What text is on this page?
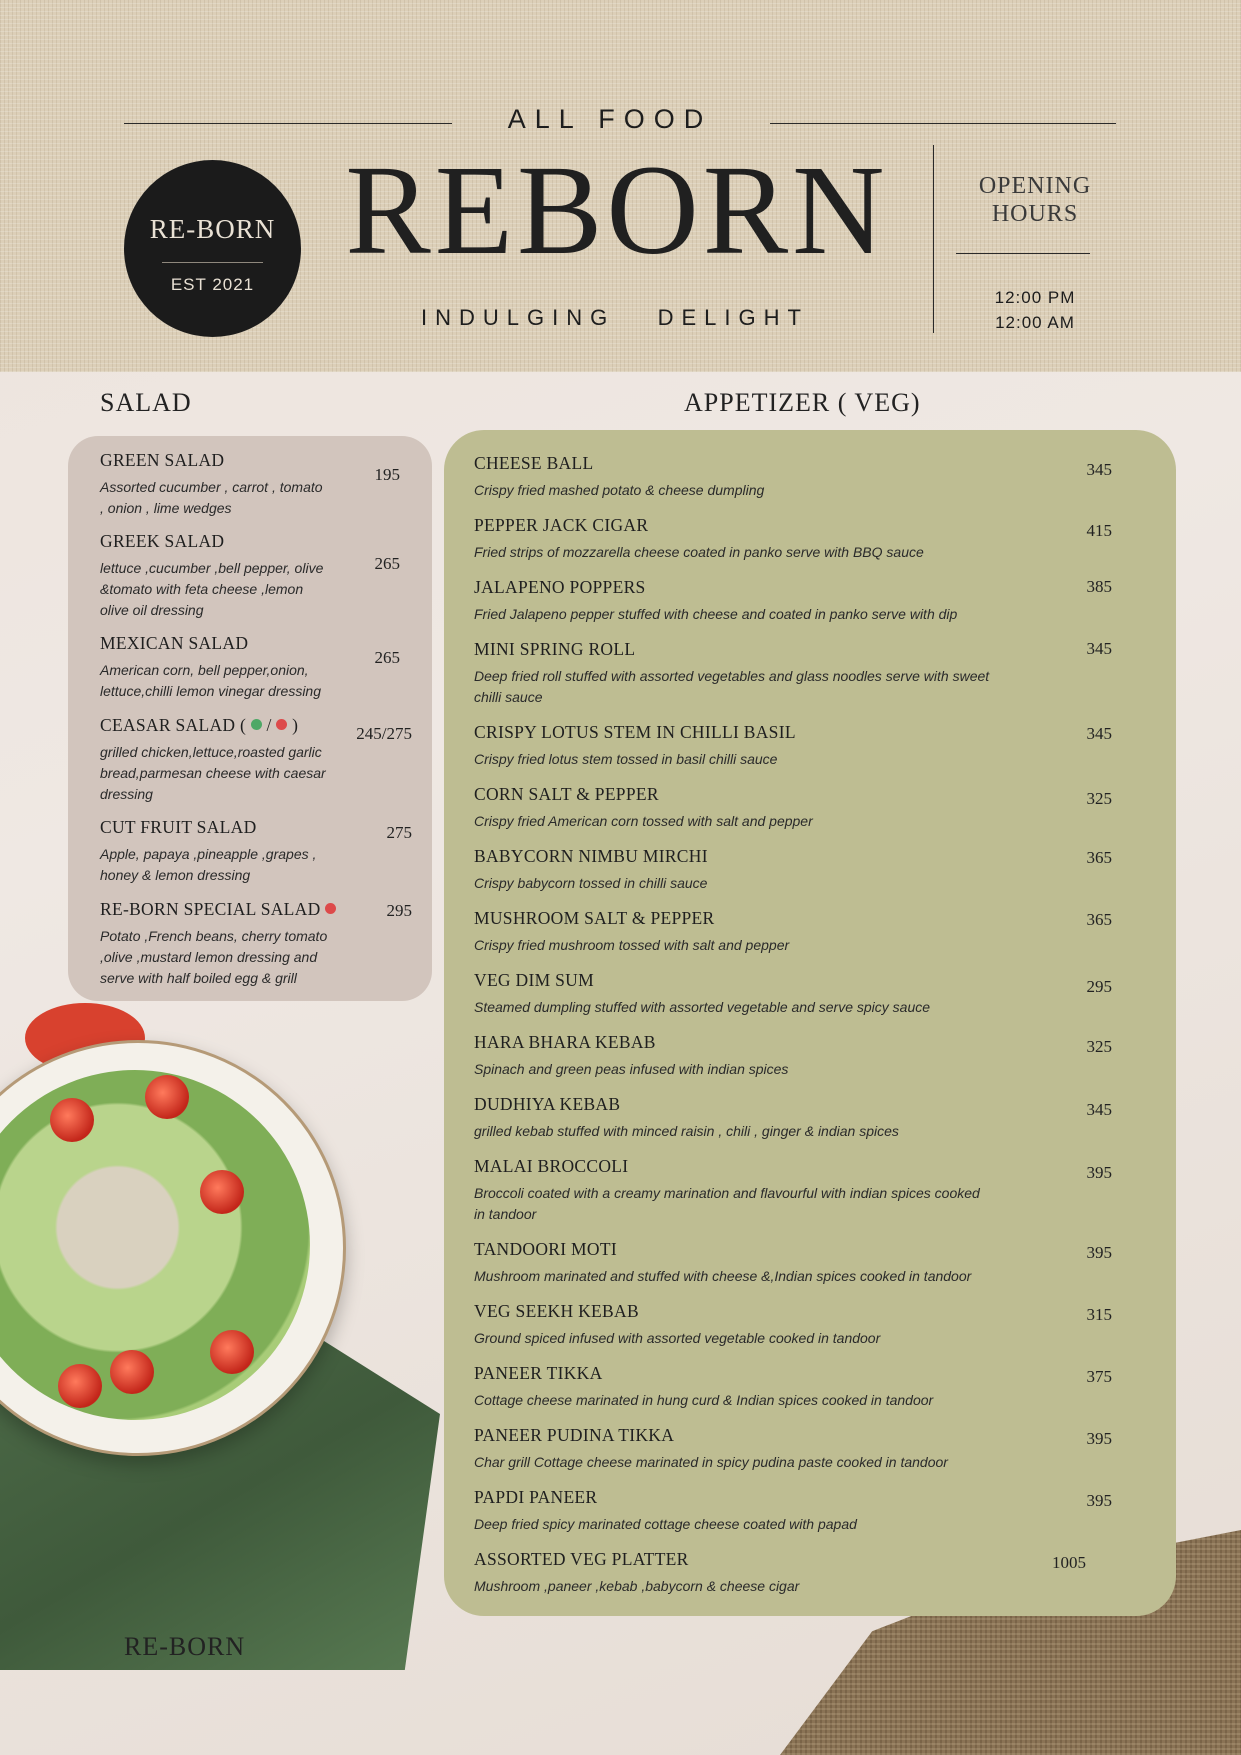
ALL FOOD
RE-BORN
EST 2021
REBORN
INDULGING   DELIGHT
OPENING
HOURS
12:00 PM
12:00 AM
SALAD
GREEN SALAD
Assorted cucumber , carrot , tomato
, onion , lime wedges
195
GREEK SALAD
lettuce ,cucumber ,bell pepper, olive
&tomato with feta cheese ,lemon
olive oil dressing
265
MEXICAN SALAD
American corn, bell pepper,onion,
lettuce,chilli lemon vinegar dressing
265
CEASAR SALAD ( / )
grilled chicken,lettuce,roasted garlic
bread,parmesan cheese with caesar
dressing
245/275
CUT FRUIT SALAD
Apple, papaya ,pineapple ,grapes ,
honey & lemon dressing
275
RE-BORN SPECIAL SALAD
Potato ,French beans, cherry tomato
,olive ,mustard lemon dressing and
serve with half boiled egg & grill
295
APPETIZER ( VEG)
CHEESE BALL
Crispy fried mashed potato & cheese dumpling
345
PEPPER JACK CIGAR
Fried strips of mozzarella cheese coated in panko serve with BBQ sauce
415
JALAPENO POPPERS
Fried Jalapeno pepper stuffed with cheese and coated in panko serve with dip
385
MINI SPRING ROLL
Deep fried roll stuffed with assorted vegetables and glass noodles serve with sweet
chilli sauce
345
CRISPY LOTUS STEM IN CHILLI BASIL
Crispy fried lotus stem tossed in basil chilli sauce
345
CORN SALT & PEPPER
Crispy fried American corn tossed with salt and pepper
325
BABYCORN NIMBU MIRCHI
Crispy babycorn tossed in chilli sauce
365
MUSHROOM SALT & PEPPER
Crispy fried mushroom tossed with salt and pepper
365
VEG DIM SUM
Steamed dumpling stuffed with assorted vegetable and serve spicy sauce
295
HARA BHARA KEBAB
Spinach and green peas infused with indian spices
325
DUDHIYA KEBAB
grilled kebab stuffed with minced raisin , chili , ginger & indian spices
345
MALAI BROCCOLI
Broccoli coated with a creamy marination and flavourful with indian spices cooked
in tandoor
395
TANDOORI MOTI
Mushroom marinated and stuffed with cheese &,Indian spices cooked in tandoor
395
VEG SEEKH KEBAB
Ground spiced infused with assorted vegetable cooked in tandoor
315
PANEER TIKKA
Cottage cheese marinated in hung curd & Indian spices cooked in tandoor
375
PANEER PUDINA TIKKA
Char grill Cottage cheese marinated in spicy pudina paste cooked in tandoor
395
PAPDI PANEER
Deep fried spicy marinated cottage cheese coated with papad
395
ASSORTED VEG PLATTER
Mushroom ,paneer ,kebab ,babycorn & cheese cigar
1005
RE-BORN
